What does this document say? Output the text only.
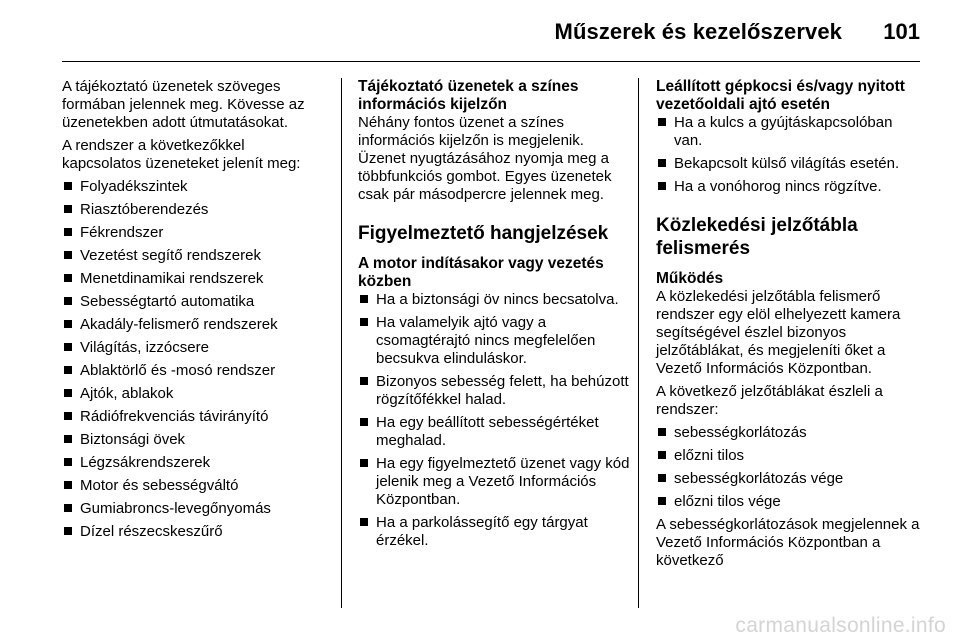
Műszerek és kezelőszervek 101

A tájékoztató üzenetek szöveges formában jelennek meg. Kövesse az üzenetekben adott útmutatásokat.

A rendszer a következőkkel kapcsolatos üzeneteket jelenít meg:

Folyadékszintek
Riasztóberendezés
Fékrendszer
Vezetést segítő rendszerek
Menetdinamikai rendszerek
Sebességtartó automatika
Akadály-felismerő rendszerek
Világítás, izzócsere
Ablaktörlő és -mosó rendszer
Ajtók, ablakok
Rádiófrekvenciás távirányító
Biztonsági övek
Légzsákrendszerek
Motor és sebességváltó
Gumiabroncs-levegőnyomás
Dízel részecskeszűrő
Tájékoztató üzenetek a színes információs kijelzőn

Néhány fontos üzenet a színes információs kijelzőn is megjelenik. Üzenet nyugtázásához nyomja meg a többfunkciós gombot. Egyes üzenetek csak pár másodpercre jelennek meg.

Figyelmeztető hangjelzések
A motor indításakor vagy vezetés közben
Ha a biztonsági öv nincs becsatolva.
Ha valamelyik ajtó vagy a csomagtérajtó nincs megfelelően becsukva elinduláskor.
Bizonyos sebesség felett, ha behúzott rögzítőfékkel halad.
Ha egy beállított sebességértéket meghalad.
Ha egy figyelmeztető üzenet vagy kód jelenik meg a Vezető Információs Központban.
Ha a parkolássegítő egy tárgyat érzékel.
Leállított gépkocsi és/vagy nyitott vezetőoldali ajtó esetén
Ha a kulcs a gyújtáskapcsolóban van.
Bekapcsolt külső világítás esetén.
Ha a vonóhorog nincs rögzítve.
Közlekedési jelzőtábla felismerés
Működés

A közlekedési jelzőtábla felismerő rendszer egy elöl elhelyezett kamera segítségével észlel bizonyos jelzőtáblákat, és megjeleníti őket a Vezető Információs Központban.

A következő jelzőtáblákat észleli a rendszer:

sebességkorlátozás
előzni tilos
sebességkorlátozás vége
előzni tilos vége

A sebességkorlátozások megjelennek a Vezető Információs Központban a következő

carmanualsonline.info
